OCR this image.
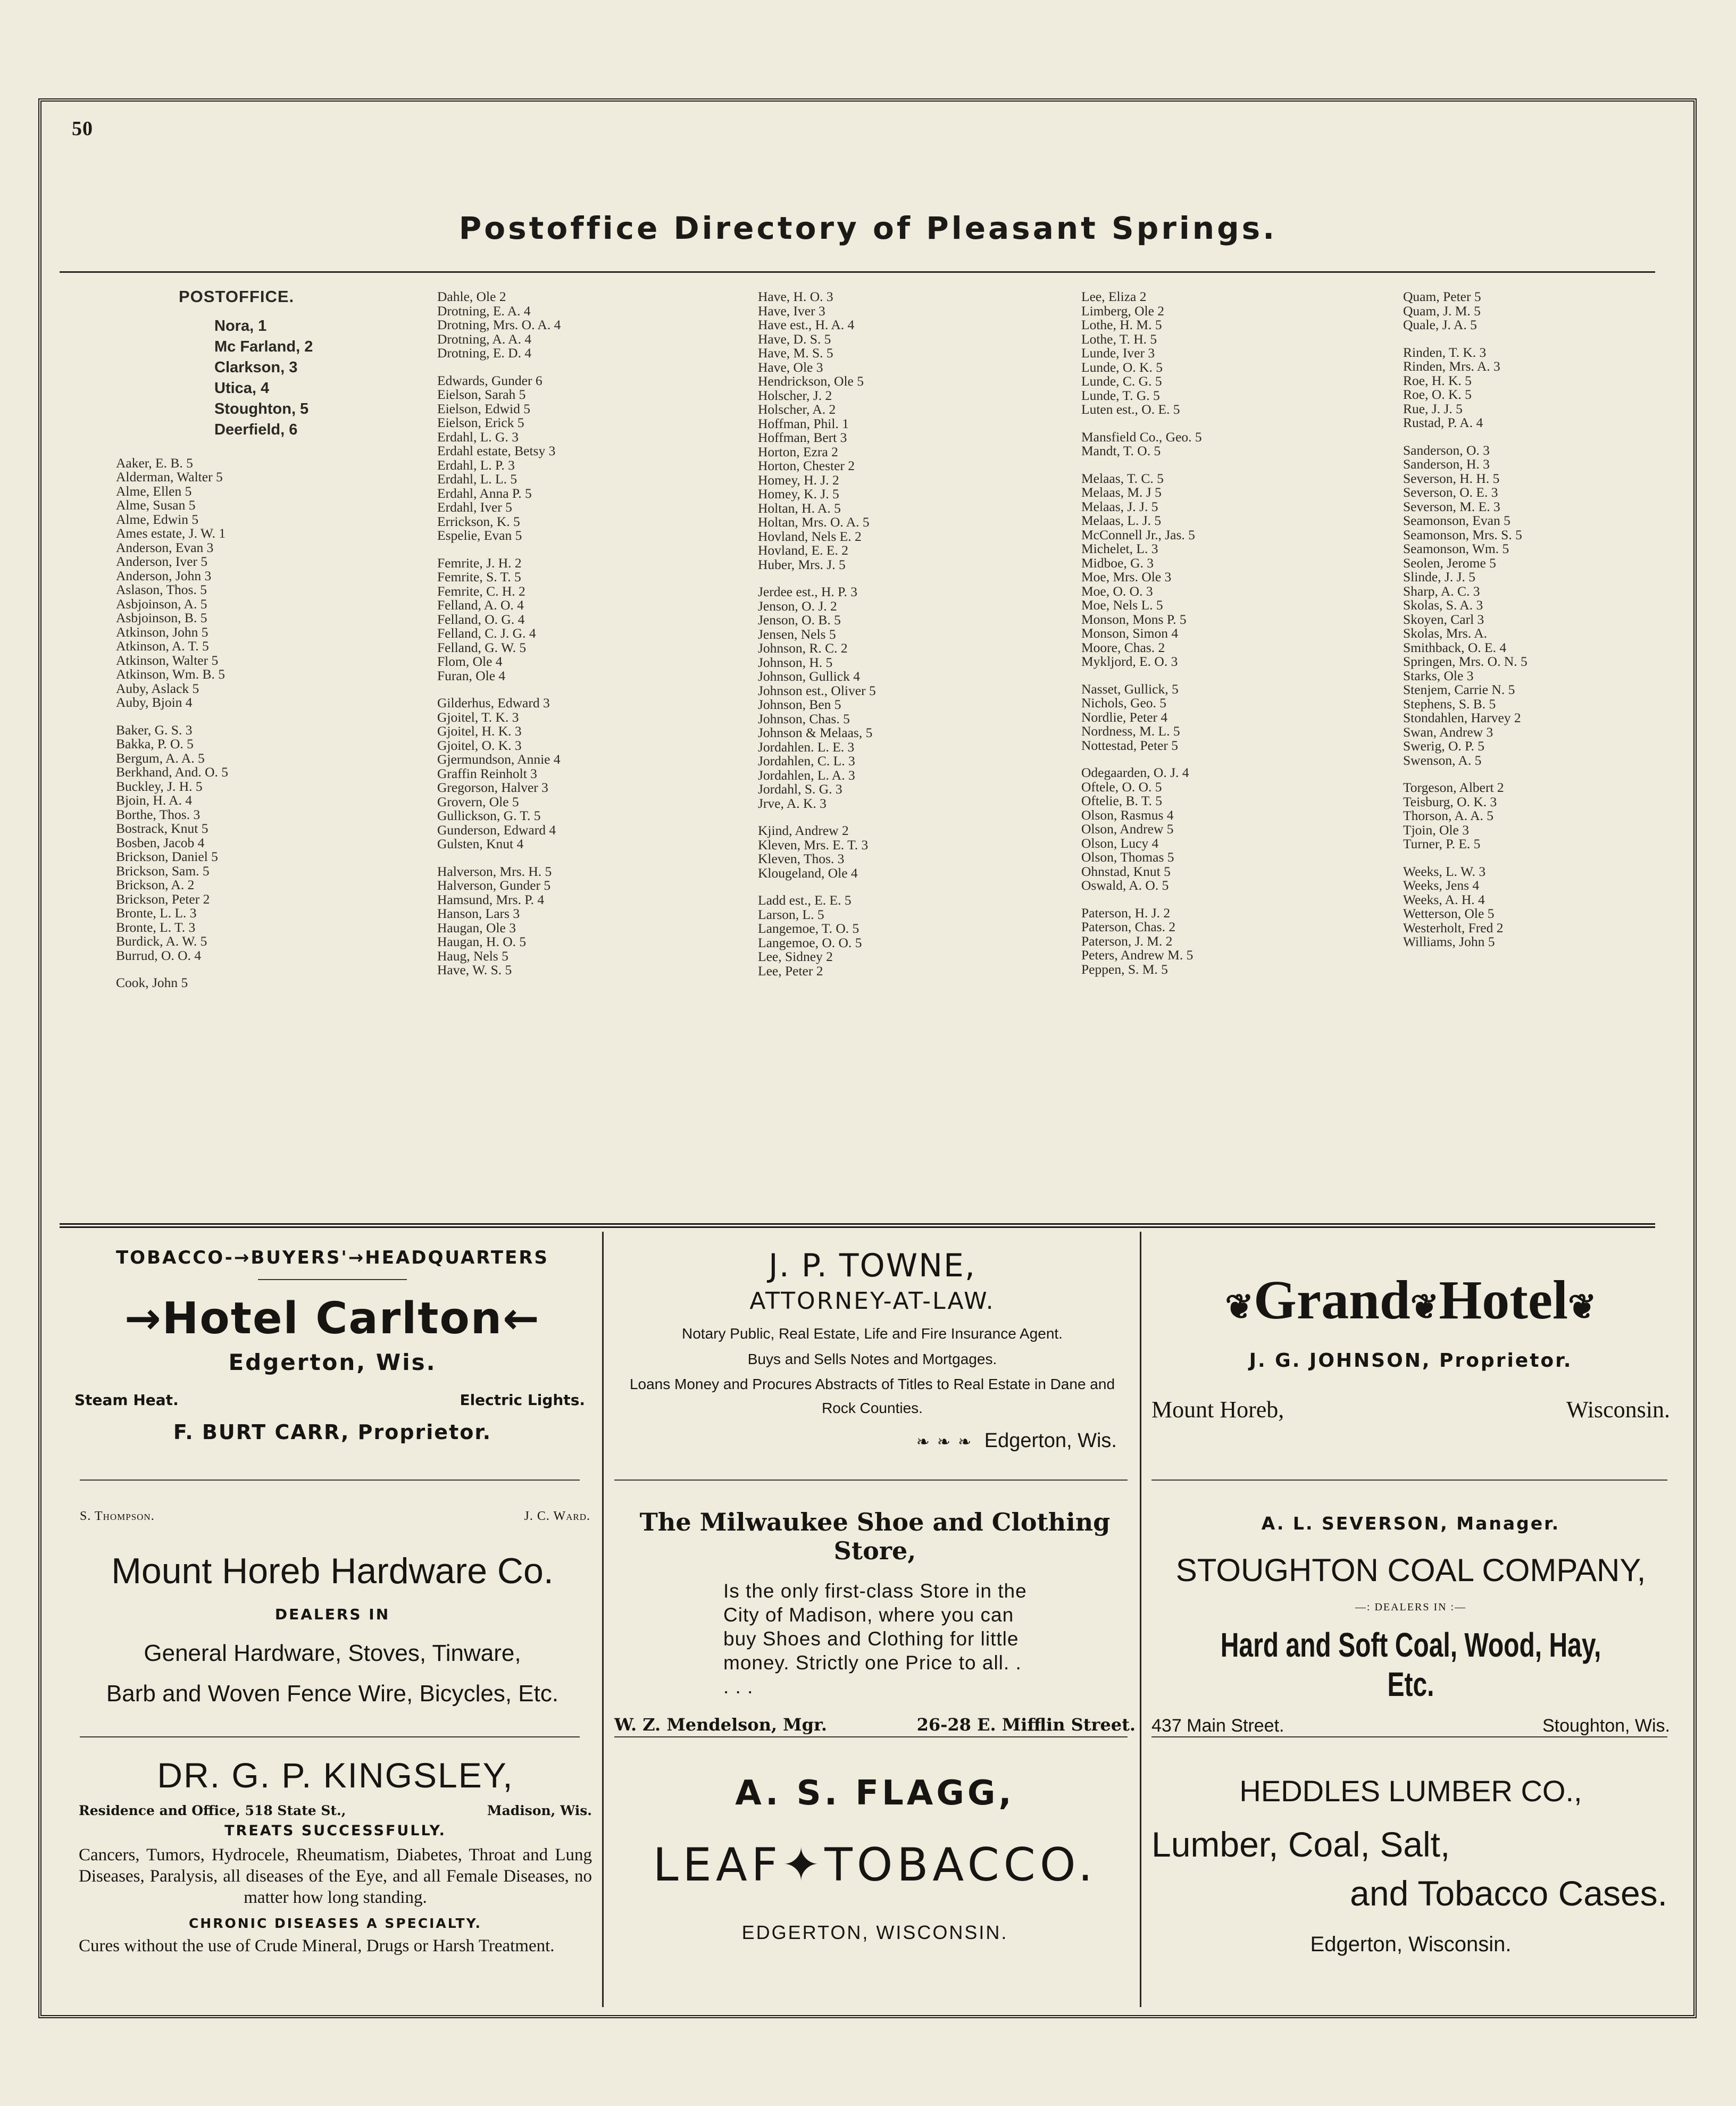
50
Postoffice Directory of Pleasant Springs.
POSTOFFICE.
Nora, 1
Mc Farland, 2
Clarkson, 3
Utica, 4
Stoughton, 5
Deerfield, 6
Aaker, E. B. 5
Alderman, Walter 5
Alme, Ellen 5
Alme, Susan 5
Alme, Edwin 5
Ames estate, J. W. 1
Anderson, Evan 3
Anderson, Iver 5
Anderson, John 3
Aslason, Thos. 5
Asbjoinson, A. 5
Asbjoinson, B. 5
Atkinson, John 5
Atkinson, A. T. 5
Atkinson, Walter 5
Atkinson, Wm. B. 5
Auby, Aslack 5
Auby, Bjoin 4
Baker, G. S. 3
Bakka, P. O. 5
Bergum, A. A. 5
Berkhand, And. O. 5
Buckley, J. H. 5
Bjoin, H. A. 4
Borthe, Thos. 3
Bostrack, Knut 5
Bosben, Jacob 4
Brickson, Daniel 5
Brickson, Sam. 5
Brickson, A. 2
Brickson, Peter 2
Bronte, L. L. 3
Bronte, L. T. 3
Burdick, A. W. 5
Burrud, O. O. 4
Cook, John 5
Dahle, Ole 2
Drotning, E. A. 4
Drotning, Mrs. O. A. 4
Drotning, A. A. 4
Drotning, E. D. 4
Edwards, Gunder 6
Eielson, Sarah 5
Eielson, Edwid 5
Eielson, Erick 5
Erdahl, L. G. 3
Erdahl estate, Betsy 3
Erdahl, L. P. 3
Erdahl, L. L. 5
Erdahl, Anna P. 5
Erdahl, Iver 5
Errickson, K. 5
Espelie, Evan 5
Femrite, J. H. 2
Femrite, S. T. 5
Femrite, C. H. 2
Felland, A. O. 4
Felland, O. G. 4
Felland, C. J. G. 4
Felland, G. W. 5
Flom, Ole 4
Furan, Ole 4
Gilderhus, Edward 3
Gjoitel, T. K. 3
Gjoitel, H. K. 3
Gjoitel, O. K. 3
Gjermundson, Annie 4
Graffin Reinholt 3
Gregorson, Halver 3
Grovern, Ole 5
Gullickson, G. T. 5
Gunderson, Edward 4
Gulsten, Knut 4
Halverson, Mrs. H. 5
Halverson, Gunder 5
Hamsund, Mrs. P. 4
Hanson, Lars 3
Haugan, Ole 3
Haugan, H. O. 5
Haug, Nels 5
Have, W. S. 5
Have, H. O. 3
Have, Iver 3
Have est., H. A. 4
Have, D. S. 5
Have, M. S. 5
Have, Ole 3
Hendrickson, Ole 5
Holscher, J. 2
Holscher, A. 2
Hoffman, Phil. 1
Hoffman, Bert 3
Horton, Ezra 2
Horton, Chester 2
Homey, H. J. 2
Homey, K. J. 5
Holtan, H. A. 5
Holtan, Mrs. O. A. 5
Hovland, Nels E. 2
Hovland, E. E. 2
Huber, Mrs. J. 5
Jerdee est., H. P. 3
Jenson, O. J. 2
Jenson, O. B. 5
Jensen, Nels 5
Johnson, R. C. 2
Johnson, H. 5
Johnson, Gullick 4
Johnson est., Oliver 5
Johnson, Ben 5
Johnson, Chas. 5
Johnson & Melaas, 5
Jordahlen. L. E. 3
Jordahlen, C. L. 3
Jordahlen, L. A. 3
Jordahl, S. G. 3
Jrve, A. K. 3
Kjind, Andrew 2
Kleven, Mrs. E. T. 3
Kleven, Thos. 3
Klougeland, Ole 4
Ladd est., E. E. 5
Larson, L. 5
Langemoe, T. O. 5
Langemoe, O. O. 5
Lee, Sidney 2
Lee, Peter 2
Lee, Eliza 2
Limberg, Ole 2
Lothe, H. M. 5
Lothe, T. H. 5
Lunde, Iver 3
Lunde, O. K. 5
Lunde, C. G. 5
Lunde, T. G. 5
Luten est., O. E. 5
Mansfield Co., Geo. 5
Mandt, T. O. 5
Melaas, T. C. 5
Melaas, M. J 5
Melaas, J. J. 5
Melaas, L. J. 5
McConnell Jr., Jas. 5
Michelet, L. 3
Midboe, G. 3
Moe, Mrs. Ole 3
Moe, O. O. 3
Moe, Nels L. 5
Monson, Mons P. 5
Monson, Simon 4
Moore, Chas. 2
Mykljord, E. O. 3
Nasset, Gullick, 5
Nichols, Geo. 5
Nordlie, Peter 4
Nordness, M. L. 5
Nottestad, Peter 5
Odegaarden, O. J. 4
Oftele, O. O. 5
Oftelie, B. T. 5
Olson, Rasmus 4
Olson, Andrew 5
Olson, Lucy 4
Olson, Thomas 5
Ohnstad, Knut 5
Oswald, A. O. 5
Paterson, H. J. 2
Paterson, Chas. 2
Paterson, J. M. 2
Peters, Andrew M. 5
Peppen, S. M. 5
Quam, Peter 5
Quam, J. M. 5
Quale, J. A. 5
Rinden, T. K. 3
Rinden, Mrs. A. 3
Roe, H. K. 5
Roe, O. K. 5
Rue, J. J. 5
Rustad, P. A. 4
Sanderson, O. 3
Sanderson, H. 3
Severson, H. H. 5
Severson, O. E. 3
Severson, M. E. 3
Seamonson, Evan 5
Seamonson, Mrs. S. 5
Seamonson, Wm. 5
Seolen, Jerome 5
Slinde, J. J. 5
Sharp, A. C. 3
Skolas, S. A. 3
Skoyen, Carl 3
Skolas, Mrs. A.
Smithback, O. E. 4
Springen, Mrs. O. N. 5
Starks, Ole 3
Stenjem, Carrie N. 5
Stephens, S. B. 5
Stondahlen, Harvey 2
Swan, Andrew 3
Swerig, O. P. 5
Swenson, A. 5
Torgeson, Albert 2
Teisburg, O. K. 3
Thorson, A. A. 5
Tjoin, Ole 3
Turner, P. E. 5
Weeks, L. W. 3
Weeks, Jens 4
Weeks, A. H. 4
Wetterson, Ole 5
Westerholt, Fred 2
Williams, John 5
TOBACCO-→BUYERS'→HEADQUARTERS
→Hotel Carlton←
Edgerton, Wis.
Steam Heat.	Electric Lights.
F. BURT CARR, Proprietor.
J. P. TOWNE,
ATTORNEY-AT-LAW.
Notary Public, Real Estate, Life and Fire Insurance Agent.
Buys and Sells Notes and Mortgages.
Loans Money and Procures Abstracts of Titles to Real Estate in Dane and Rock Counties.
❧❧❧ Edgerton, Wis.
❦Grand❦Hotel❦
J. G. JOHNSON, Proprietor.
Mount Horeb,	Wisconsin.
S. Thompson.	J. C. Ward.
Mount Horeb Hardware Co.
DEALERS IN
General Hardware, Stoves, Tinware,
Barb and Woven Fence Wire, Bicycles, Etc.
The Milwaukee Shoe and Clothing Store,
Is the only first-class Store in the City of Madison, where you can buy Shoes and Clothing for little money. Strictly one Price to all. . . . .
W. Z. Mendelson, Mgr.	26-28 E. Mifflin Street.
A. L. SEVERSON, Manager.
STOUGHTON COAL COMPANY,
—: DEALERS IN :—
Hard and Soft Coal, Wood, Hay, Etc.
437 Main Street.	Stoughton, Wis.
DR. G. P. KINGSLEY,
Residence and Office, 518 State St.,	Madison, Wis.
TREATS SUCCESSFULLY.
Cancers, Tumors, Hydrocele, Rheumatism, Diabetes, Throat and Lung Diseases, Paralysis, all diseases of the Eye, and all Female Diseases, no matter how long standing.
CHRONIC DISEASES A SPECIALTY.
Cures without the use of Crude Mineral, Drugs or Harsh Treatment.
A. S. FLAGG,
LEAF✦TOBACCO.
EDGERTON, WISCONSIN.
HEDDLES LUMBER CO.,
Lumber, Coal, Salt,
and Tobacco Cases.
Edgerton, Wisconsin.
